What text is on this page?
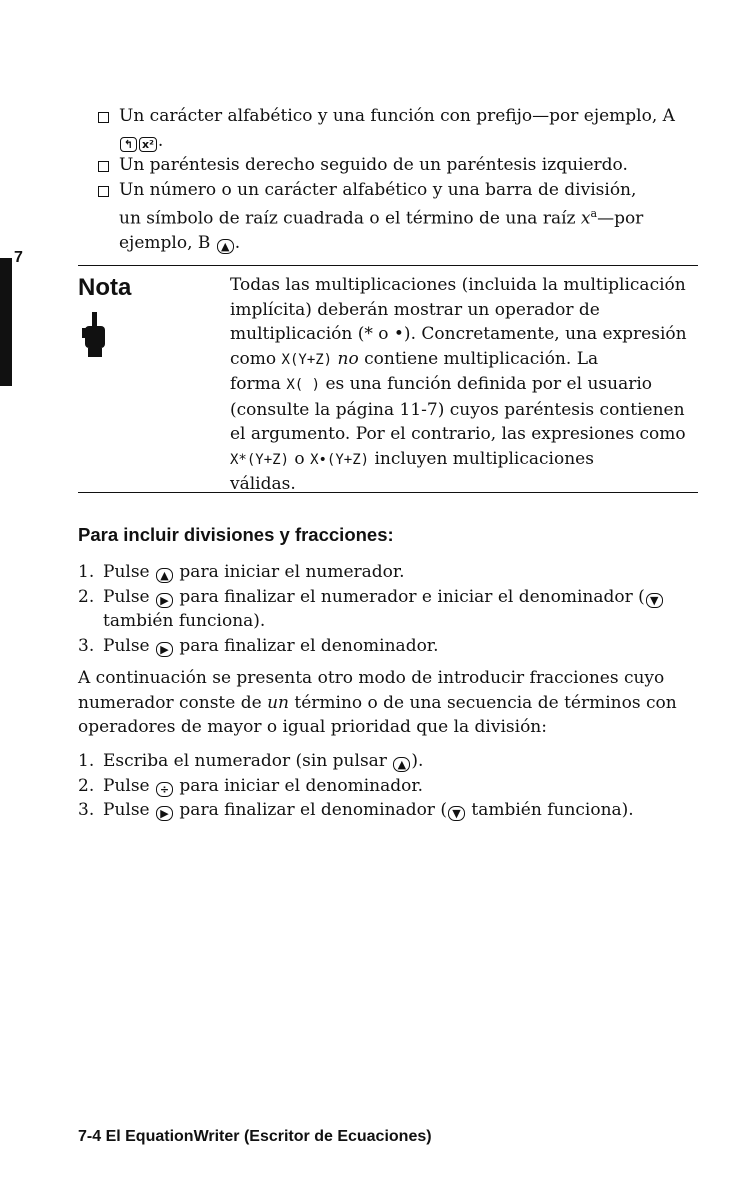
Un carácter alfabético y una función con prefijo—por ejemplo, A
↰ x² .
Un paréntesis derecho seguido de un paréntesis izquierdo.
Un número o un carácter alfabético y una barra de división,
un símbolo de raíz cuadrada o el término de una raíz $x^a—por$
ejemplo, B ▲ .
7
Nota	Todas las multiplicaciones (incluida la multiplicación
implícita) deberán mostrar un operador de
multiplicación (* o •). Concretamente, una expresión
como X(Y+Z) no contiene multiplicación. La
forma X( ) es una función definida por el usuario
(consulte la página 11-7) cuyos paréntesis contienen
el argumento. Por el contrario, las expresiones como
X*(Y+Z) o X•(Y+Z) incluyen multiplicaciones
válidas.
Para incluir divisiones y fracciones:
1. Pulse ▲ para iniciar el numerador.
2. Pulse ▶ para finalizar el numerador e iniciar el denominador ( ▼
también funciona).
3. Pulse ▶ para finalizar el denominador.
A continuación se presenta otro modo de introducir fracciones cuyo
numerador conste de un término o de una secuencia de términos con
operadores de mayor o igual prioridad que la división:
1. Escriba el numerador (sin pulsar ▲ ).
2. Pulse ÷ para iniciar el denominador.
3. Pulse ▶ para finalizar el denominador ( ▼ también funciona).
7-4 El EquationWriter (Escritor de Ecuaciones)
